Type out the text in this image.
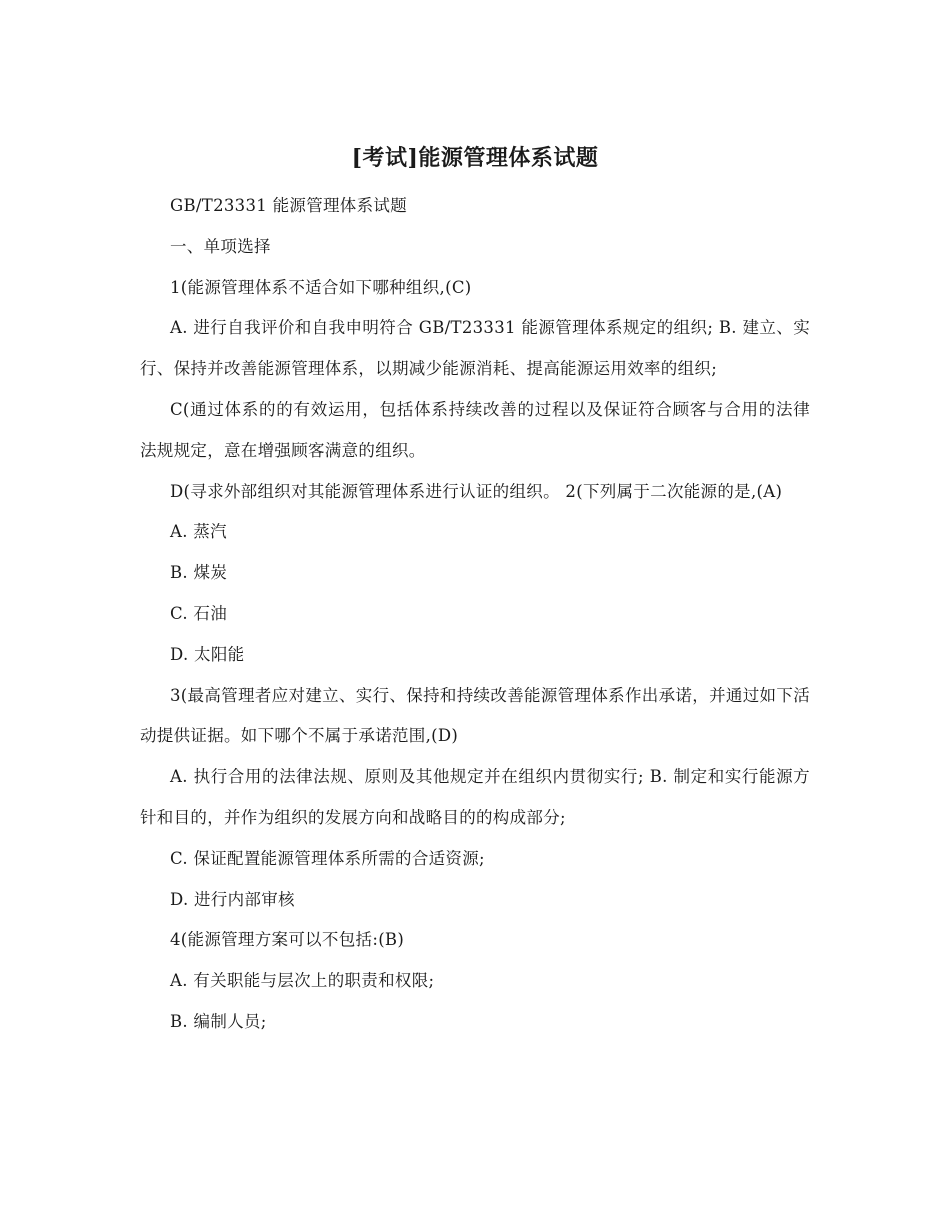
[考试]能源管理体系试题

GB/T23331 能源管理体系试题

一、单项选择

1(能源管理体系不适合如下哪种组织,(C)

A. 进行自我评价和自我申明符合 GB/T23331 能源管理体系规定的组织; B. 建立、实行、保持并改善能源管理体系，以期减少能源消耗、提高能源运用效率的组织;

C(通过体系的的有效运用，包括体系持续改善的过程以及保证符合顾客与合用的法律法规规定，意在增强顾客满意的组织。

D(寻求外部组织对其能源管理体系进行认证的组织。 2(下列属于二次能源的是,(A)

A. 蒸汽

B. 煤炭

C. 石油

D. 太阳能

3(最高管理者应对建立、实行、保持和持续改善能源管理体系作出承诺，并通过如下活动提供证据。如下哪个不属于承诺范围,(D)

A. 执行合用的法律法规、原则及其他规定并在组织内贯彻实行; B. 制定和实行能源方针和目的，并作为组织的发展方向和战略目的的构成部分;

C. 保证配置能源管理体系所需的合适资源;

D. 进行内部审核

4(能源管理方案可以不包括:(B)

A. 有关职能与层次上的职责和权限;

B. 编制人员;
